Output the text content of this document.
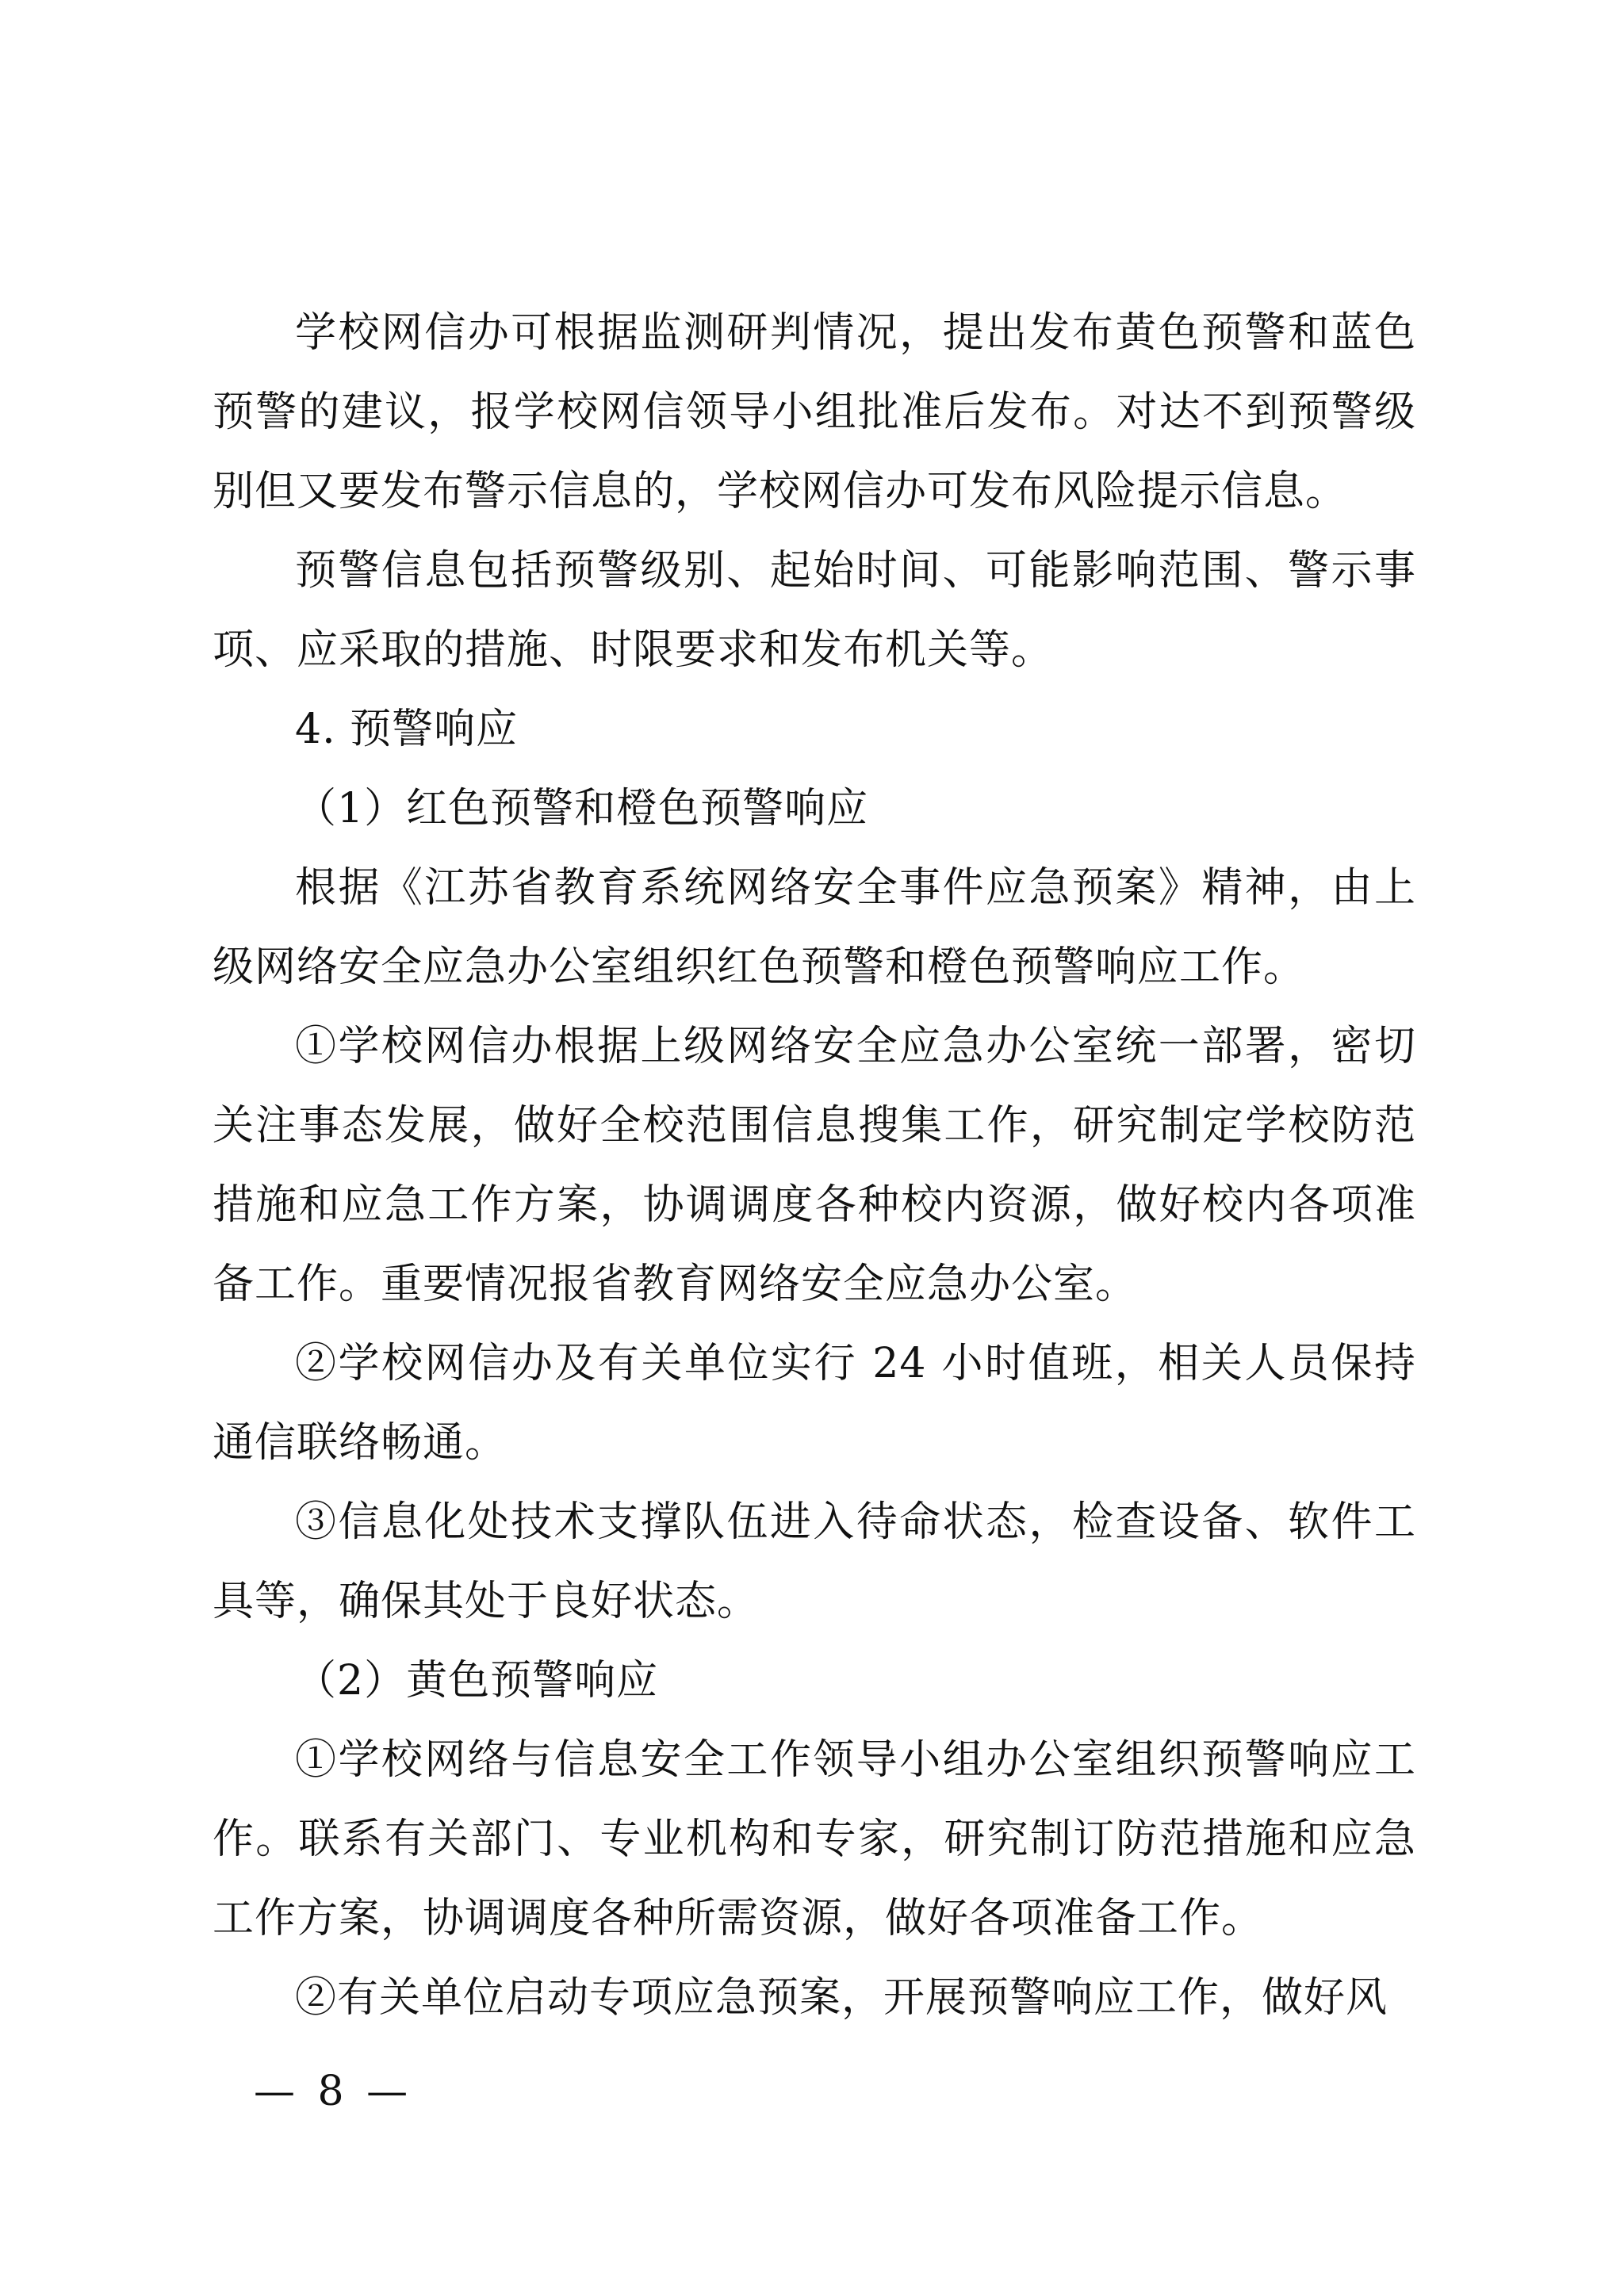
学校网信办可根据监测研判情况，提出发布黄色预警和蓝色预警的建议，报学校网信领导小组批准后发布。对达不到预警级别但又要发布警示信息的，学校网信办可发布风险提示信息。

预警信息包括预警级别、起始时间、可能影响范围、警示事项、应采取的措施、时限要求和发布机关等。

4. 预警响应

（1）红色预警和橙色预警响应

根据《江苏省教育系统网络安全事件应急预案》精神，由上级网络安全应急办公室组织红色预警和橙色预警响应工作。

①学校网信办根据上级网络安全应急办公室统一部署，密切关注事态发展，做好全校范围信息搜集工作，研究制定学校防范措施和应急工作方案，协调调度各种校内资源，做好校内各项准备工作。重要情况报省教育网络安全应急办公室。

②学校网信办及有关单位实行 24 小时值班，相关人员保持通信联络畅通。

③信息化处技术支撑队伍进入待命状态，检查设备、软件工具等，确保其处于良好状态。

（2）黄色预警响应

①学校网络与信息安全工作领导小组办公室组织预警响应工作。联系有关部门、专业机构和专家，研究制订防范措施和应急工作方案，协调调度各种所需资源，做好各项准备工作。

②有关单位启动专项应急预案，开展预警响应工作，做好风

— 8 —
